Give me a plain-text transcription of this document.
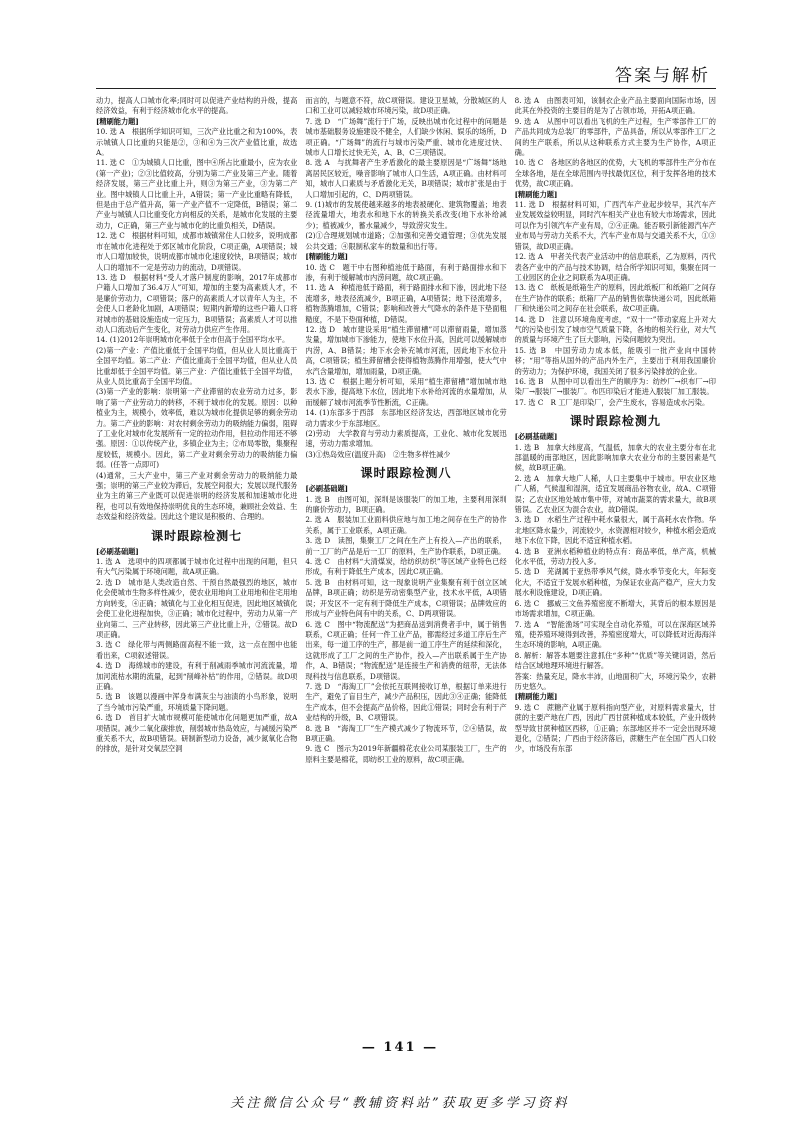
答案与解析

动力，提高人口城市化率;同时可以促进产业结构的升级，提高经济效益，有利于经济城市化水平的提高。

[精刷能力题]

10. 选 A　根据所学知识可知，三次产业比重之和为100%，表示城镇人口比重的只能是②，③和④为三次产业值比重，故选A。

11. 选 C　①为城镇人口比重，图中④所占比重最小，应为农业(第一产业)；②③比值较高，分别为第二产业及第三产业。随着经济发展，第三产业比重上升，则③为第三产业，③为第二产业。图中城镇人口比重上升，A错误；第一产业比重略有降低，但是由于总产值升高，第一产业产值不一定降低，B错误；第二产业与城镇人口比重变化方向相反的关系，是城市化发展的主要动力，C正确，第三产业与城市化的比重负相关，D错误。

12. 选 C　根据材料可知，成都市城镇常住人口较多，说明成都市在城市化进程处于郊区城市化阶段，C项正确，A项错误；城市人口增加较快，说明成都市城市化速度较快，B项错误；城市人口的增加不一定是劳动力的流动，D项错误。

13. 选 D　根据材料“受人才落户制度的影响，2017年成都市户籍人口增加了36.4万人”可知，增加的主要为高素质人才，不是廉价劳动力，C项错误；落户的高素质人才以青年人为主，不会使人口老龄化加剧，A项错误；短期内新增的这些户籍人口将对城市的基础设施造成一定压力，B项错误；高素质人才可以推动人口流动后产生变化，对劳动力供应产生作用。

14. (1)2012年崇明城市化率低于全市但高于全国平均水平。

(2)第一产业：产值比重低于全国平均值，但从业人员比重高于全国平均值。第二产业：产值比重高于全国平均值，但从业人员比重却低于全国平均值。第三产业：产值比重低于全国平均值，从业人员比重高于全国平均值。

(3)第一产业的影响：崇明第一产业滞留的农业劳动力过多，影响了第一产业劳动力的转移，不利于城市化的发展。原因：以种植业为主，规模小，效率低，难以为城市化提供足够的剩余劳动力。第二产业的影响：对农村剩余劳动力的吸纳能力偏弱，阻碍了工业化对城市化发展所有一定的拉动作用，但拉动作用还不够强。原因：①以传统产业，多镇企业为主；②布局零散，集聚程度较低，规模小。因此，第二产业对剩余劳动力的吸纳能力偏弱。(任答一点即可)

(4)通常，三大产业中，第三产业对剩余劳动力的吸纳能力最强；崇明的第三产业较为滞后，发展空间很大；发展以现代服务业为主的第三产业既可以促进崇明的经济发展和加速城市化进程，也可以有效地保持崇明优良的生态环境，兼顾社会效益、生态效益和经济效益。因此这个建议是积极的、合理的。

课时跟踪检测七

[必刷基础题]

1. 选 A　选项中的四项都属于城市化过程中出现的问题，但只有大气污染属于环境问题，故A项正确。

2. 选 D　城市是人类改造自然、干预自然最强烈的地区，城市化会使城市生物多样性减少，使农业用地向工业用地和住宅用地方向转变，④正确；城镇化与工业化相互促进，因此地区城镇化会使工业化进程加快，③正确；城市化过程中，劳动力从第一产业向第二、三产业转移，因此第三产业比重上升，②错误。故D项正确。

3. 选 C　绿化带与两侧路面高程不能一致，这一点在图中也能看出来，C项叙述错误。

4. 选 D　海绵城市的建设，有利于削减雨季城市河流流量，增加河流枯水期的流量，起到“削峰补枯”的作用，②错误。故D项正确。

5. 选 B　该题以漫画中浑身布满灰尘与油渍的小鸟形象，说明了当今城市污染严重，环境质量下降问题。

6. 选 D　首目扩大城市规模可能使城市化问题更加严重，故A项错误。减少二氧化碳排放，削弱城市热岛效应，与减缓污染严重关系不大，故B项错误。研制新型动力设备，减少氮氧化合物的排放，是针对交氧层空洞

而言的，与题意不符，故C项错误。建设卫星城，分散城区的人口和工业可以减轻城市环境污染，故D项正确。

7. 选 D　“广场舞”流行于广场，反映出城市化过程中的问题是城市基础服务设施建设不健全，人们缺少休闲、娱乐的场所，D项正确。“广场舞”的流行与城市污染严重、城市化进度过快、城市人口增长过快无关，A、B、C三项错误。

8. 选 A　与扰舞者产生矛盾激化的最主要原因是“广场舞”场地离居民区较近，噪音影响了城市人口生活，A项正确。由材料可知，城市人口素质与矛盾激化无关，B项错误；城市扩张是由于人口增加引起的，C、D两项错误。

9. (1)城市的发展使越来越多的地表被硬化、建筑物覆盖；地表径流量增大，地表水和地下水的转换关系改变(地下水补给减少)；植被减少，蓄水量减少，导致涝灾发生。

(2)①合理规划城市道路；②加强和完善交通管理；③优先发展公共交通；④限制私家车的数量和出行等。

[精刷能力题]

10. 选 C　题干中右图种植池低于路面，有利于路面排水和下渗，有利于缓解城市内涝问题，故C项正确。

11. 选 A　种植池低于路面，利于路面排水和下渗，因此地下径流增多，地表径流减少，B项正确，A项错误；地下径流增多，植物蒸腾增加，C错误；影响和改善大气降水的条件是下垫面粗糙度，不是下垫面种植，D错误。

12. 选 D　城市建设采用“植生滞留槽”可以滞留雨量，增加蒸发量，增加城市下渗能力，使地下水位升高，因此可以缓解城市内涝，A、B错误；地下水会补充城市河流，因此地下水位升高，C项错误；植生滞留槽会使得植物蒸腾作用增强，使大气中水汽含量增加，增加雨量，D项正确。

13. 选 C　根据上题分析可知，采用“植生滞留槽”增加城市地表水下渗，提高地下水位，因此地下水补给河流的水量增加，从而缓解了城市河流季节性断流，C正确。

14. (1)东部多于西部　东部地区经济发达，西部地区城市化劳动力需求少于东部地区。

(2)劳动　大学教育与劳动力素质提高，工业化、城市化发展迅速，劳动力需求增加。

(3)①热岛效应(温度升高)　②生物多样性减少

课时跟踪检测八

[必刷基础题]

1. 选 B　由图可知，深圳是该服装厂的加工地，主要利用深圳的廉价劳动力，B项正确。

2. 选 A　服装加工业面料供应地与加工地之间存在生产的协作关系，属于工业联系，A项正确。

3. 选 D　读图，集聚工厂之间在生产上有投入—产出的联系，前一工厂的产品是后一工厂的原料，生产协作联系，D项正确。

4. 选 C　由材料“大清煤炭，给纺织纺织”等区域产业特色已经形成，有利于降低生产成本，因此C项正确。

5. 选 B　由材料可知，这一现象说明产业集聚有利于创立区域品牌，B项正确；纺织是劳动密集型产业，技术水平低，A项错误；开发区不一定有利于降低生产成本，C项错误；品牌效应的形成与产业特色间有中的关系，C、D两项错误。

6. 选 C　图中“物流配送”为把商品送到消费者手中，属于销售联系，C项正确；任何一件工业产品，都需经过多道工序后生产出来，每一道工序的生产，都是前一道工序生产的延续和深化，这就形成了工厂之间的生产协作，投入—产出联系属于生产协作，A、B错误；“物流配送”是连接生产和消费的纽带，无法体现科技与信息联系，D项错误。

7. 选 D　“海淘工厂”会依托互联网接收订单，根据订单来进行生产，避免了盲目生产，减少产品积压，因此③④正确；能降低生产成本，但不会提高产品价格，因此①错误；同时会有利于产业结构的升级，B、C项错误。

8. 选 B　“海淘工厂”生产模式减少了物流环节，②④错误，故B项正确。

9. 选 C　图示为2019年新疆棉花农业公司某服装工厂，生产的原料主要是棉花，即纺织工业的原料，故C项正确。

8. 选 A　由图表可知，该制衣企业产品主要面向国际市场，因此其在外投资的主要目的是为了占领市场，开拓A项正确。

9. 选 A　从图中可以看出飞机的生产过程，生产零部件工厂的产品共同成为总装厂的零部件，产品具备，所以从零部件工厂之间的生产联系，所以从这种联系方式主要为生产协作，A项正确。

10. 选 C　各地区的各地区的优势，大飞机的零部件生产分布在全球各地，是在全球范围内寻找最优区位，利于发挥各地的技术优势，故C项正确。

[精刷能力题]

11. 选 D　根据材料可知，广西汽车产业起步较早，其汽车产业发展效益较明显，同时汽车相关产业也有较大市场需求，因此可以作为引领汽车产业有局，②④正确。能否吸引新能源汽车产业布局与劳动力关系不大，汽车产业布局与交通关系不大，①③错误，故D项正确。

12. 选 A　甲者关代表产业活动中的信息联系，乙为原料，丙代表各产业中的产品与技术协调，结合所学知识可知，集聚在同一工业园区的企业之间联系为A项正确。

13. 选 C　纸板是纸箱生产的原料，因此纸板厂和纸箱厂之间存在生产协作的联系；纸箱厂产品的销售依靠快递公司，因此纸箱厂和快递公司之间存在社会联系，故C项正确。

14. 选 D　注意以环境角度考虑，“双十一”带动家庭上升对大气的污染也引发了城市空气质量下降，各地的相关行业，对大气的质量与环境产生了巨大影响，污染问题较为突出。

15. 选 B　中国劳动力成本低，能吸引一批产业向中国转移；“用”等指从国外的产品内外生产，主要出于利用我国廉价的劳动力；为保护环境，我国关闭了很多污染排放的企业。

16. 选 B　从图中可以看出生产的顺序为：纺纱厂→织布厂→印染厂→服装厂→服装厂。布匹印染后才能进入服装厂加工服装。

17. 选 C　R 工厂是印染厂，会产生废水，容易造成水污染。

课时跟踪检测九

[必刷基础题]

1. 选 B　加拿大纬度高，气温低，加拿大的农业主要分布在北部温暖的南部地区，因此影响加拿大农业分布的主要因素是气候，故B项正确。

2. 选 A　加拿大地广人稀，人口主要集中于城市。甲农业区地广人稀，气候温和湿润，适宜发展商品谷物农业，故A、C项错误；乙农业区地处城市集中带，对城市蔬菜的需求量大，故B项错误。乙农业区为混合农业，故D错误。

3. 选 D　水稻生产过程中耗水量很大，属于高耗水农作物。华北地区降水量少，河流较少，水资源相对较少，种植水稻会造成地下水位下降，因此不适宜种植水稻。

4. 选 B　亚洲水稻种植业的特点有：商品率低，单产高，机械化水平低，劳动力投入多。

5. 选 D　芜湖属于亚热带季风气候，降水季节变化大，年际变化大，不适宜于发展水稻种植，为保证农业高产稳产，应大力发展水利设施建设，D项正确。

6. 选 C　挪威三文鱼养殖密度不断增大，其背后的根本原因是市场需求增加，C项正确。

7. 选 A　“智能渔场”可实现全自动化养殖，可以在深海区域养殖，使养殖环境得到改善，养殖密度增大，可以降低对近海海洋生态环境的影响，A项正确。

8. 解析：解答本题要注意抓住“多种”“优质”等关键词语，然后结合区域地理环境进行解答。

答案：热量充足，降水丰沛，山地面积广大，环境污染少，农耕历史悠久。

[精刷能力题]

9. 选 C　蔗糖产业属于原料指向型产业，对原料需求量大，甘蔗的主要产地在广西，因此广西甘蔗种植成本较低，产业升级转型导致甘蔗种植区西移，①正确；东部地区并不一定会出现环境退化，②错误；广西由于经济落后，蔗糖生产在全国广西人口较少，市场没有东部

— 141 —
关注微信公众号“教辅资料站”获取更多学习资料
